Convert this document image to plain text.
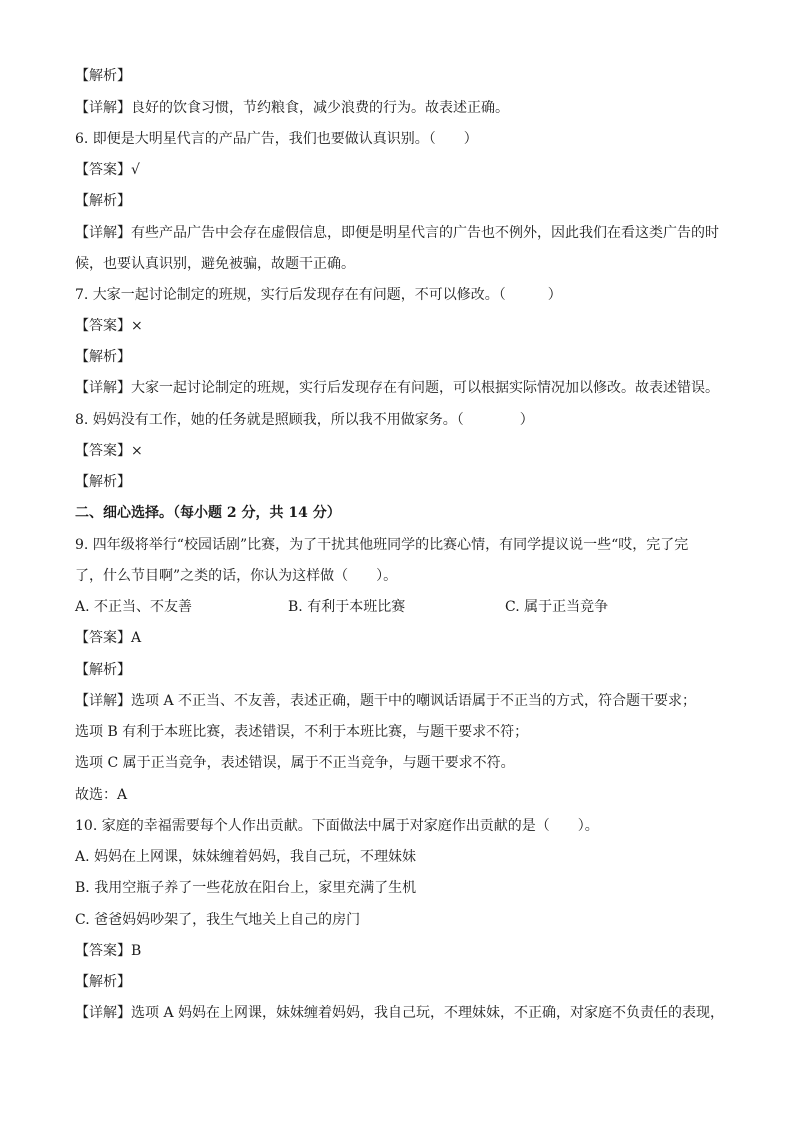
【解析】
【详解】良好的饮食习惯，节约粮食，减少浪费的行为。故表述正确。
6. 即便是大明星代言的产品广告，我们也要做认真识别。（　　）
【答案】√
【解析】
【详解】有些产品广告中会存在虚假信息，即便是明星代言的广告也不例外，因此我们在看这类广告的时
候，也要认真识别，避免被骗，故题干正确。
7. 大家一起讨论制定的班规，实行后发现存在有问题，不可以修改。（　　　）
【答案】×
【解析】
【详解】大家一起讨论制定的班规，实行后发现存在有问题，可以根据实际情况加以修改。故表述错误。
8. 妈妈没有工作，她的任务就是照顾我，所以我不用做家务。（　　　　）
【答案】×
【解析】
二、细心选择。（每小题 2 分，共 14 分）
9. 四年级将举行“校园话剧”比赛，为了干扰其他班同学的比赛心情，有同学提议说一些“哎，完了完
了，什么节目啊”之类的话，你认为这样做（　　）。
A. 不正当、不友善	B. 有利于本班比赛	C. 属于正当竞争
【答案】A
【解析】
【详解】选项 A 不正当、不友善，表述正确，题干中的嘲讽话语属于不正当的方式，符合题干要求；
选项 B 有利于本班比赛，表述错误，不利于本班比赛，与题干要求不符；
选项 C 属于正当竞争，表述错误，属于不正当竞争，与题干要求不符。
故选：A
10. 家庭的幸福需要每个人作出贡献。下面做法中属于对家庭作出贡献的是（　　）。
A. 妈妈在上网课，妹妹缠着妈妈，我自己玩，不理妹妹
B. 我用空瓶子养了一些花放在阳台上，家里充满了生机
C. 爸爸妈妈吵架了，我生气地关上自己的房门
【答案】B
【解析】
【详解】选项 A 妈妈在上网课，妹妹缠着妈妈，我自己玩，不理妹妹，不正确，对家庭不负责任的表现，
